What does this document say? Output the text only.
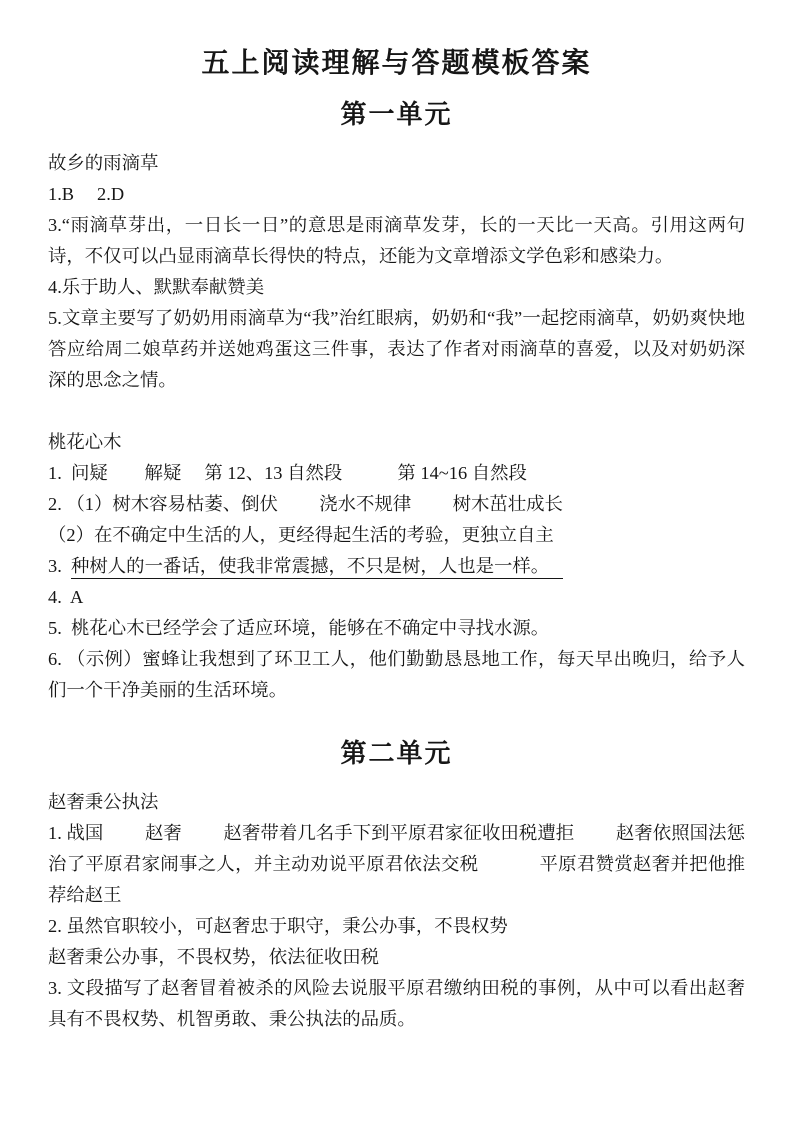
五上阅读理解与答题模板答案
第一单元

故乡的雨滴草

1.B　 2.D

3.“雨滴草芽出，一日长一日”的意思是雨滴草发芽，长的一天比一天高。引用这两句诗，不仅可以凸显雨滴草长得快的特点，还能为文章增添文学色彩和感染力。

4.乐于助人、默默奉献赞美

5.文章主要写了奶奶用雨滴草为“我”治红眼病，奶奶和“我”一起挖雨滴草，奶奶爽快地答应给周二娘草药并送她鸡蛋这三件事，表达了作者对雨滴草的喜爱，以及对奶奶深深的思念之情。

桃花心木

1.  问疑　　解疑　 第 12、13 自然段　　　第 14~16 自然段

2. （1）树木容易枯萎、倒伏　　 浇水不规律　　 树木茁壮成长

（2）在不确定中生活的人，更经得起生活的考验，更独立自主

3.  种树人的一番话，使我非常震撼，不只是树，人也是一样。

4.  A

5.  桃花心木已经学会了适应环境，能够在不确定中寻找水源。

6. （示例）蜜蜂让我想到了环卫工人，他们勤勤恳恳地工作，每天早出晚归，给予人们一个干净美丽的生活环境。

第二单元

赵奢秉公执法

1. 战国　　 赵奢　　 赵奢带着几名手下到平原君家征收田税遭拒　　 赵奢依照国法惩治了平原君家闹事之人，并主动劝说平原君依法交税　　　 平原君赞赏赵奢并把他推荐给赵王

2. 虽然官职较小，可赵奢忠于职守，秉公办事，不畏权势

赵奢秉公办事，不畏权势，依法征收田税

3. 文段描写了赵奢冒着被杀的风险去说服平原君缴纳田税的事例，从中可以看出赵奢具有不畏权势、机智勇敢、秉公执法的品质。
